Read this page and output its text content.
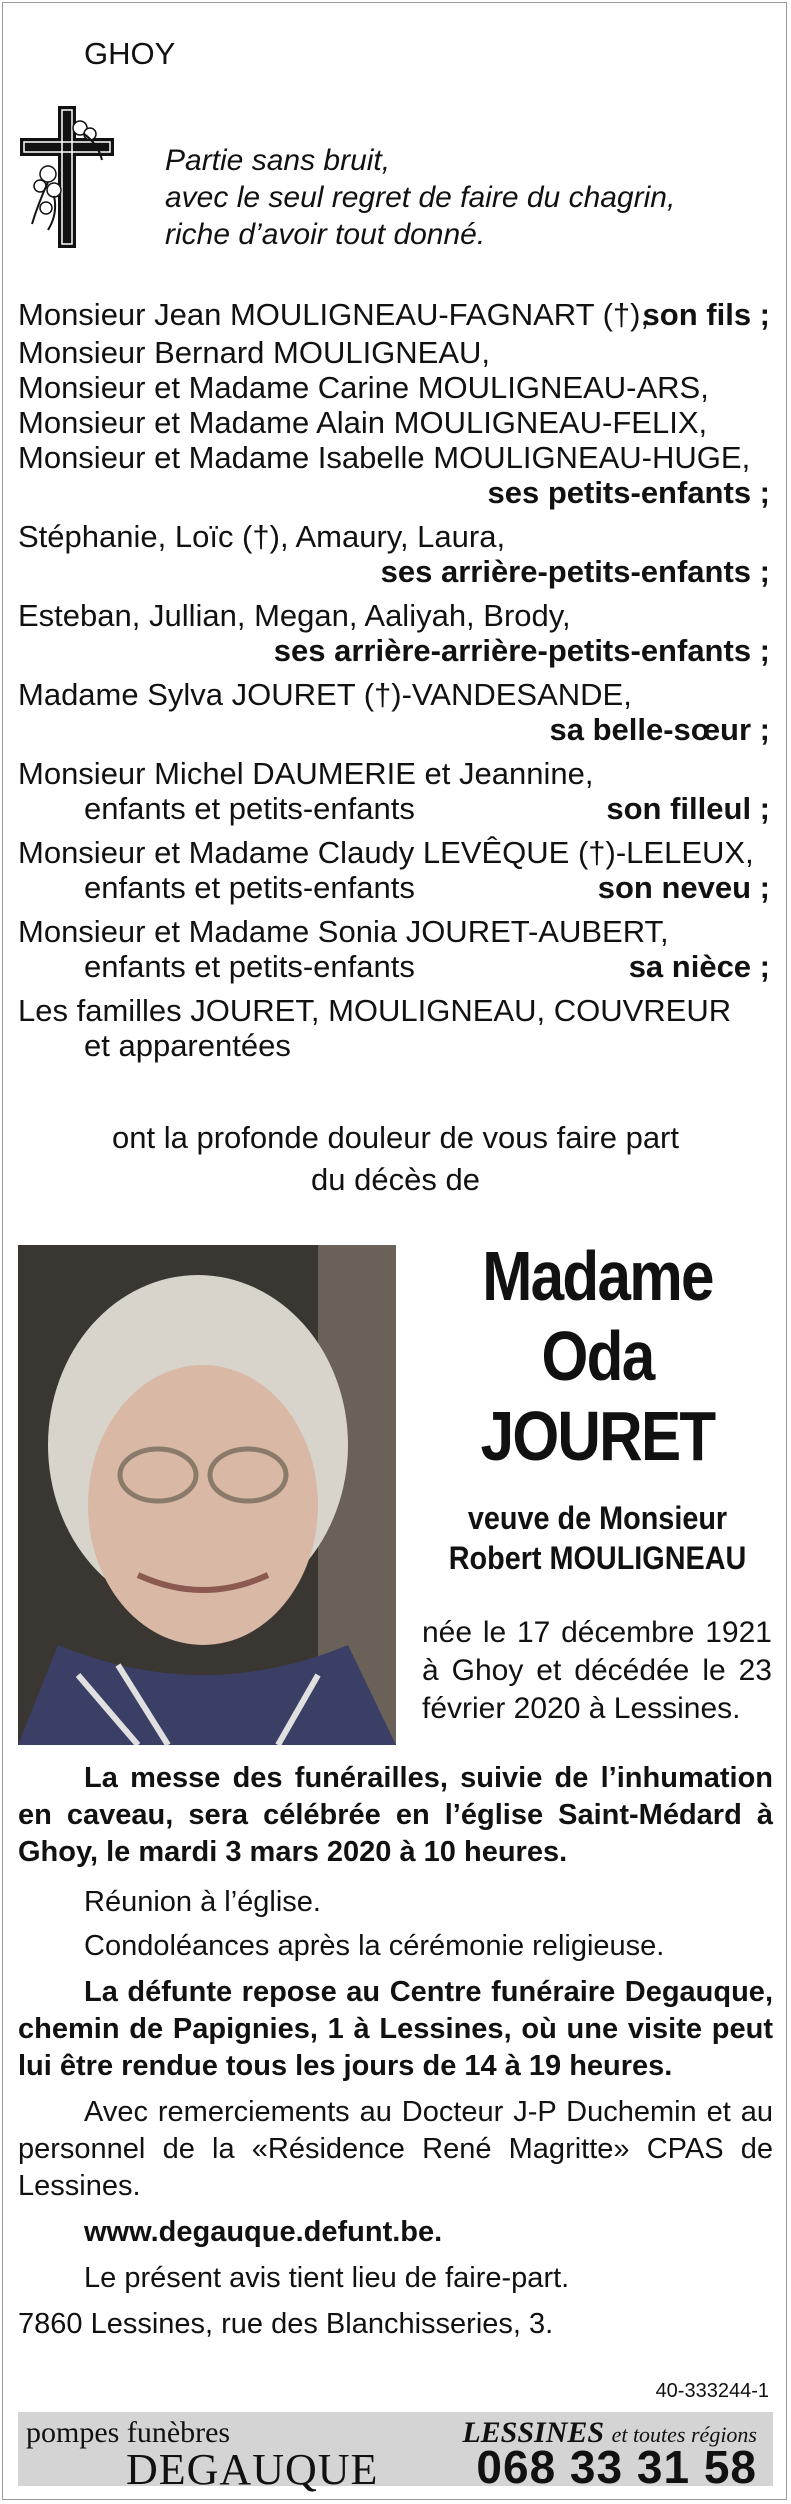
GHOY
Partie sans bruit,
avec le seul regret de faire du chagrin,
riche d’avoir tout donné.
Monsieur Jean MOULIGNEAU-FAGNART (†),
son fils ;
Monsieur Bernard MOULIGNEAU,
Monsieur et Madame Carine MOULIGNEAU-ARS,
Monsieur et Madame Alain MOULIGNEAU-FELIX,
Monsieur et Madame Isabelle MOULIGNEAU-HUGE,
ses petits-enfants ;
Stéphanie, Loïc (†), Amaury, Laura,
ses arrière-petits-enfants ;
Esteban, Jullian, Megan, Aaliyah, Brody,
ses arrière-arrière-petits-enfants ;
Madame Sylva JOURET (†)-VANDESANDE,
sa belle-sœur ;
Monsieur Michel DAUMERIE et Jeannine,
enfants et petits-enfants	son filleul ;
Monsieur et Madame Claudy LEVÊQUE (†)-LELEUX,
enfants et petits-enfants	son neveu ;
Monsieur et Madame Sonia JOURET-AUBERT,
enfants et petits-enfants	sa nièce ;
Les familles JOURET, MOULIGNEAU, COUVREUR
et apparentées
ont la profonde douleur de vous faire part
du décès de
Madame
Oda
JOURET
veuve de Monsieur Robert MOULIGNEAU
née le 17 décembre 1921 à Ghoy et décédée le 23 février 2020 à Lessines.
La messe des funérailles, suivie de l’inhumation en caveau, sera célébrée en l’église Saint-Médard à Ghoy, le mardi 3 mars 2020 à 10 heures.
Réunion à l’église.
Condoléances après la cérémonie religieuse.
La défunte repose au Centre funéraire Degauque, chemin de Papignies, 1 à Lessines, où une visite peut lui être rendue tous les jours de 14 à 19 heures.
Avec remerciements au Docteur J-P Duchemin et au personnel de la «Résidence René Magritte» CPAS de Lessines.
www.degauque.defunt.be.
Le présent avis tient lieu de faire-part.
7860 Lessines, rue des Blanchisseries, 3.
40-333244-1
pompes funèbres
DEGAUQUE
LESSINES et toutes régions
068 33 31 58
